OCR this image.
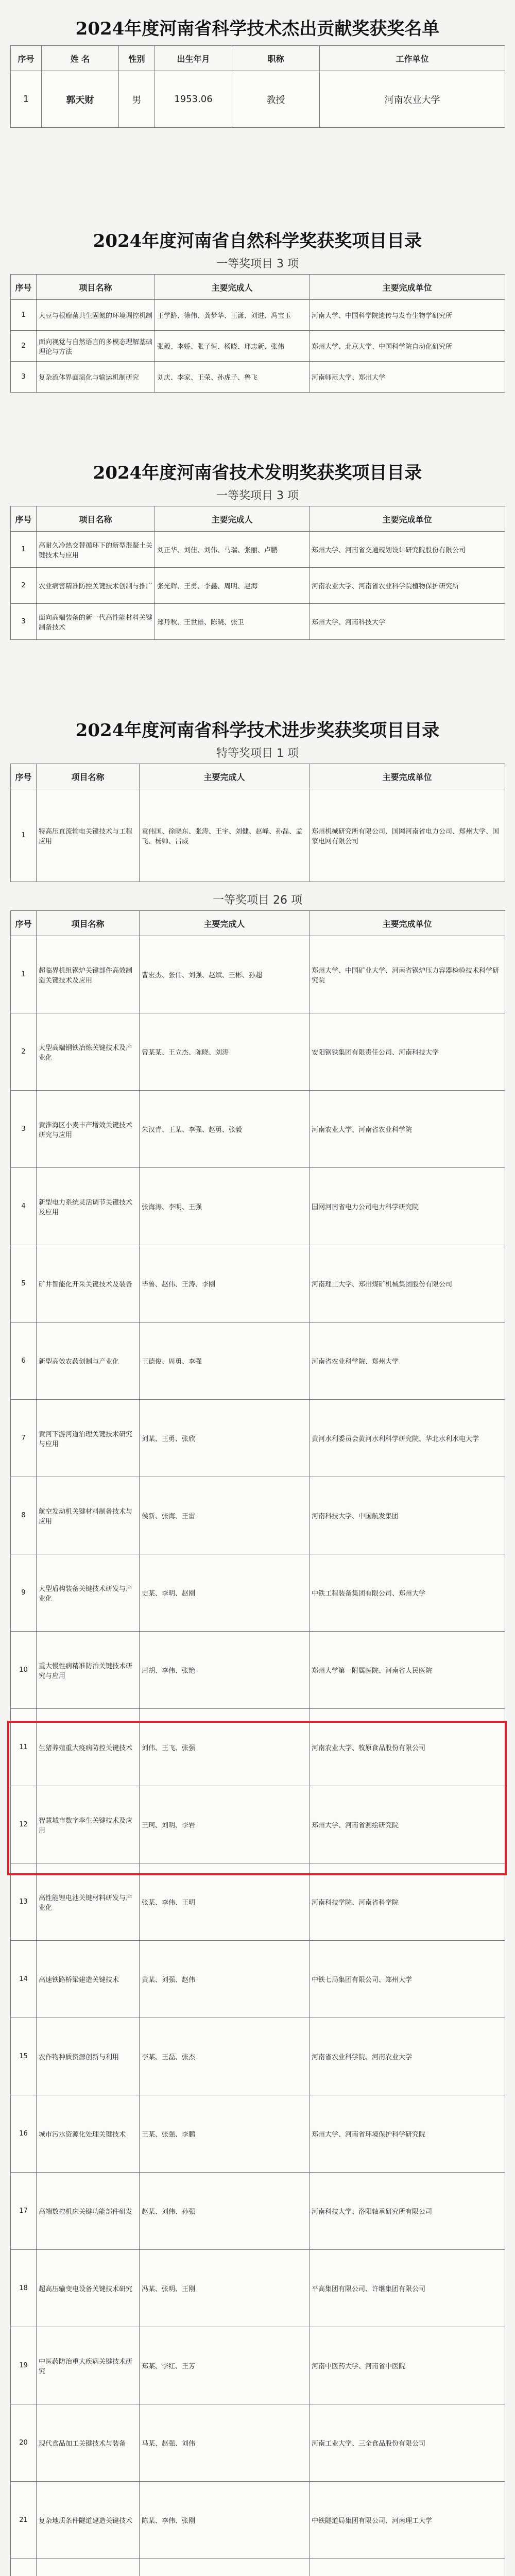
2024年度河南省科学技术杰出贡献奖获奖名单
序号	姓 名	性别	出生年月	职称	工作单位
1	郭天财	男	1953.06	教授	河南农业大学
2024年度河南省自然科学奖获奖项目目录
一等奖项目 3 项
序号	项目名称	主要完成人	主要完成单位
1	大豆与根瘤菌共生固氮的环境调控机制	王学路、徐伟、龚梦华、王潇、刘进、冯宝玉	河南大学、中国科学院遗传与发育生物学研究所
2	面向视觉与自然语言的多模态理解基础理论与方法	张毅、李娇、张子恒、杨晓、邢志新、张伟	郑州大学、北京大学、中国科学院自动化研究所
3	复杂流体界面演化与输运机制研究	刘庆、李家、王荣、孙虎子、鲁飞	河南师范大学、郑州大学
2024年度河南省技术发明奖获奖项目目录
一等奖项目 3 项
序号	项目名称	主要完成人	主要完成单位
1	高耐久冷热交替循环下的新型混凝土关键技术与应用	刘正华、刘佳、刘伟、马瑞、张丽、卢鹏	郑州大学、河南省交通规划设计研究院股份有限公司
2	农业病害精准防控关键技术创制与推广	张光辉、王勇、李鑫、周明、赵海	河南农业大学、河南省农业科学院植物保护研究所
3	面向高端装备的新一代高性能材料关键制备技术	郑丹秋、王世雄、陈晓、张卫	郑州大学、河南科技大学
2024年度河南省科学技术进步奖获奖项目目录
特等奖项目 1 项
序号	项目名称	主要完成人	主要完成单位
1	特高压直流输电关键技术与工程应用	袁伟国、徐晓东、张涛、王宇、刘健、赵峰、孙磊、孟飞、杨帅、吕威	郑州机械研究所有限公司、国网河南省电力公司、郑州大学、国家电网有限公司
一等奖项目 26 项
序号	项目名称	主要完成人	主要完成单位
1	超临界机组锅炉关键部件高效制造关键技术及应用	曹宏杰、张伟、刘强、赵斌、王彬、孙超	郑州大学、中国矿业大学、河南省锅炉压力容器检验技术科学研究院
2	大型高端钢铁冶炼关键技术及产业化	曾某某、王立杰、陈晓、刘涛	安阳钢铁集团有限责任公司、河南科技大学
3	黄淮海区小麦丰产增效关键技术研究与应用	朱汉青、王某、李强、赵勇、张毅	河南农业大学、河南省农业科学院
4	新型电力系统灵活调节关键技术及应用	张海涛、李明、王强	国网河南省电力公司电力科学研究院
5	矿井智能化开采关键技术及装备	毕鲁、赵伟、王涛、李刚	河南理工大学、郑州煤矿机械集团股份有限公司
6	新型高效农药创制与产业化	王德俊、周勇、李强	河南省农业科学院、郑州大学
7	黄河下游河道治理关键技术研究与应用	刘某、王勇、张欣	黄河水利委员会黄河水利科学研究院、华北水利水电大学
8	航空发动机关键材料制备技术与应用	侯新、张海、王雷	河南科技大学、中国航发集团
9	大型盾构装备关键技术研发与产业化	史某、李明、赵刚	中铁工程装备集团有限公司、郑州大学
10	重大慢性病精准防治关键技术研究与应用	周胡、李伟、张艳	郑州大学第一附属医院、河南省人民医院
11	生猪养殖重大疫病防控关键技术	刘伟、王飞、张强	河南农业大学、牧原食品股份有限公司
12	智慧城市数字孪生关键技术及应用	王珂、刘明、李岩	郑州大学、河南省测绘研究院
13	高性能锂电池关键材料研发与产业化	张某、李伟、王明	河南科技学院、河南省科学院
14	高速铁路桥梁建造关键技术	黄某、刘强、赵伟	中铁七局集团有限公司、郑州大学
15	农作物种质资源创新与利用	李某、王磊、张杰	河南省农业科学院、河南农业大学
16	城市污水资源化处理关键技术	王某、张强、李鹏	郑州大学、河南省环境保护科学研究院
17	高端数控机床关键功能部件研发	赵某、刘伟、孙强	河南科技大学、洛阳轴承研究所有限公司
18	超高压输变电设备关键技术研究	冯某、张明、王刚	平高集团有限公司、许继集团有限公司
19	中医药防治重大疾病关键技术研究	郑某、李红、王芳	河南中医药大学、河南省中医院
20	现代食品加工关键技术与装备	马某、赵强、刘伟	河南工业大学、三全食品股份有限公司
21	复杂地质条件隧道建造关键技术	陈某、李伟、张刚	中铁隧道局集团有限公司、河南理工大学
